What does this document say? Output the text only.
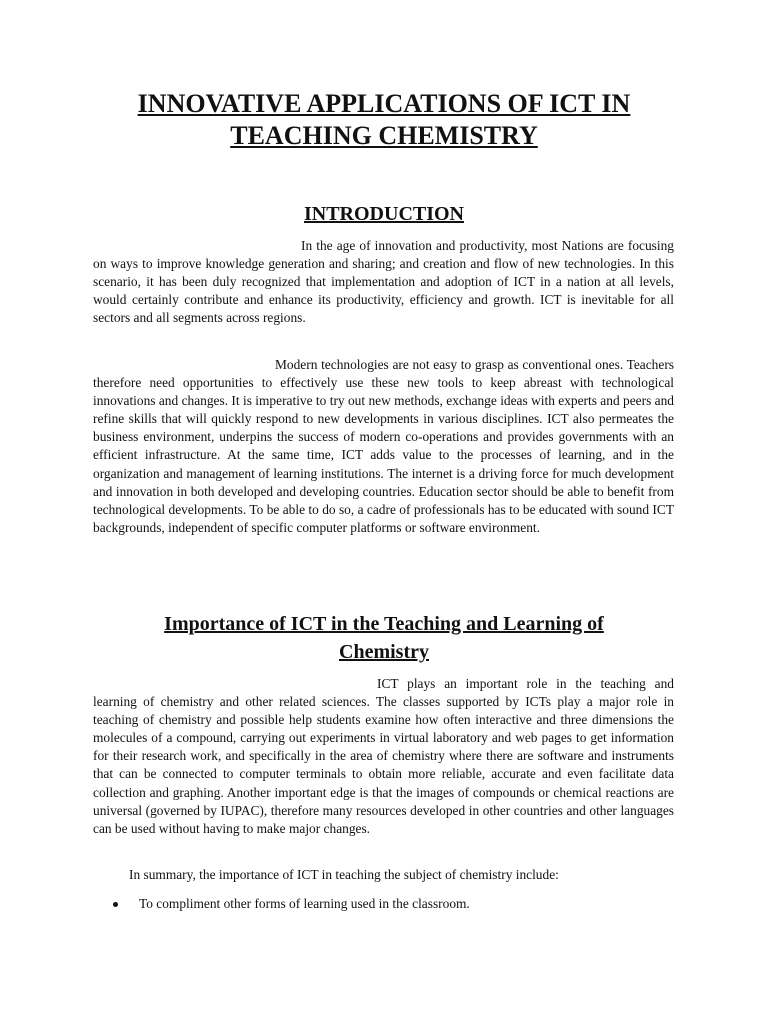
INNOVATIVE APPLICATIONS OF ICT IN
TEACHING CHEMISTRY
INTRODUCTION

In the age of innovation and productivity, most Nations are focusing on ways to improve knowledge generation and sharing; and creation and flow of new technologies. In this scenario, it has been duly recognized that implementation and adoption of ICT in a nation at all levels, would certainly contribute and enhance its productivity, efficiency and growth. ICT is inevitable for all sectors and all segments across regions.

Modern technologies are not easy to grasp as conventional ones. Teachers therefore need opportunities to effectively use these new tools to keep abreast with technological innovations and changes. It is imperative to try out new methods, exchange ideas with experts and peers and refine skills that will quickly respond to new developments in various disciplines. ICT also permeates the business environment, underpins the success of modern co-operations and provides governments with an efficient infrastructure. At the same time, ICT adds value to the processes of learning, and in the organization and management of learning institutions. The internet is a driving force for much development and innovation in both developed and developing countries. Education sector should be able to benefit from technological developments. To be able to do so, a cadre of professionals has to be educated with sound ICT backgrounds, independent of specific computer platforms or software environment.

Importance of ICT in the Teaching and Learning of
Chemistry

ICT plays an important role in the teaching and learning of chemistry and other related sciences. The classes supported by ICTs play a major role in teaching of chemistry and possible help students examine how often interactive and three dimensions the molecules of a compound, carrying out experiments in virtual laboratory and web pages to get information for their research work, and specifically in the area of chemistry where there are software and instruments that can be connected to computer terminals to obtain more reliable, accurate and even facilitate data collection and graphing. Another important edge is that the images of compounds or chemical reactions are universal (governed by IUPAC), therefore many resources developed in other countries and other languages can be used without having to make major changes.

In summary, the importance of ICT in teaching the subject of chemistry include:

To compliment other forms of learning used in the classroom.
